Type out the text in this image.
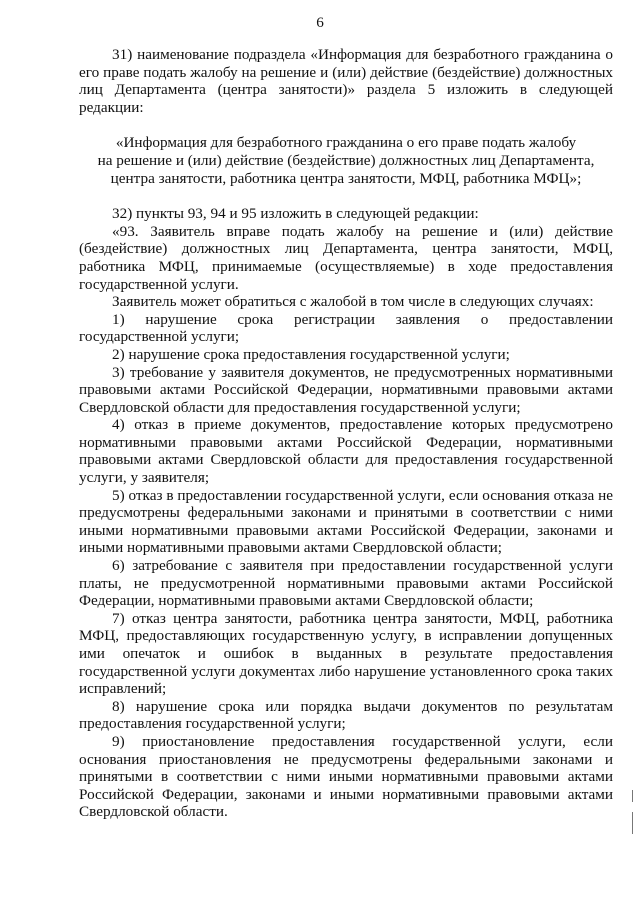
6

31) наименование подраздела «Информация для безработного гражданина о его праве подать жалобу на решение и (или) действие (бездействие) должностных лиц Департамента (центра занятости)» раздела 5 изложить в следующей редакции:

«Информация для безработного гражданина о его праве подать жалобу
на решение и (или) действие (бездействие) должностных лиц Департамента,
центра занятости, работника центра занятости, МФЦ, работника МФЦ»;

32) пункты 93, 94 и 95 изложить в следующей редакции:

«93. Заявитель вправе подать жалобу на решение и (или) действие (бездействие) должностных лиц Департамента, центра занятости, МФЦ, работника МФЦ, принимаемые (осуществляемые) в ходе предоставления государственной услуги.

Заявитель может обратиться с жалобой в том числе в следующих случаях:

1) нарушение срока регистрации заявления о предоставлении государственной услуги;

2) нарушение срока предоставления государственной услуги;

3) требование у заявителя документов, не предусмотренных нормативными правовыми актами Российской Федерации, нормативными правовыми актами Свердловской области для предоставления государственной услуги;

4) отказ в приеме документов, предоставление которых предусмотрено нормативными правовыми актами Российской Федерации, нормативными правовыми актами Свердловской области для предоставления государственной услуги, у заявителя;

5) отказ в предоставлении государственной услуги, если основания отказа не предусмотрены федеральными законами и принятыми в соответствии с ними иными нормативными правовыми актами Российской Федерации, законами и иными нормативными правовыми актами Свердловской области;

6) затребование с заявителя при предоставлении государственной услуги платы, не предусмотренной нормативными правовыми актами Российской Федерации, нормативными правовыми актами Свердловской области;

7) отказ центра занятости, работника центра занятости, МФЦ, работника МФЦ, предоставляющих государственную услугу, в исправлении допущенных ими опечаток и ошибок в выданных в результате предоставления государственной услуги документах либо нарушение установленного срока таких исправлений;

8) нарушение срока или порядка выдачи документов по результатам предоставления государственной услуги;

9) приостановление предоставления государственной услуги, если основания приостановления не предусмотрены федеральными законами и принятыми в соответствии с ними иными нормативными правовыми актами Российской Федерации, законами и иными нормативными правовыми актами Свердловской области.
